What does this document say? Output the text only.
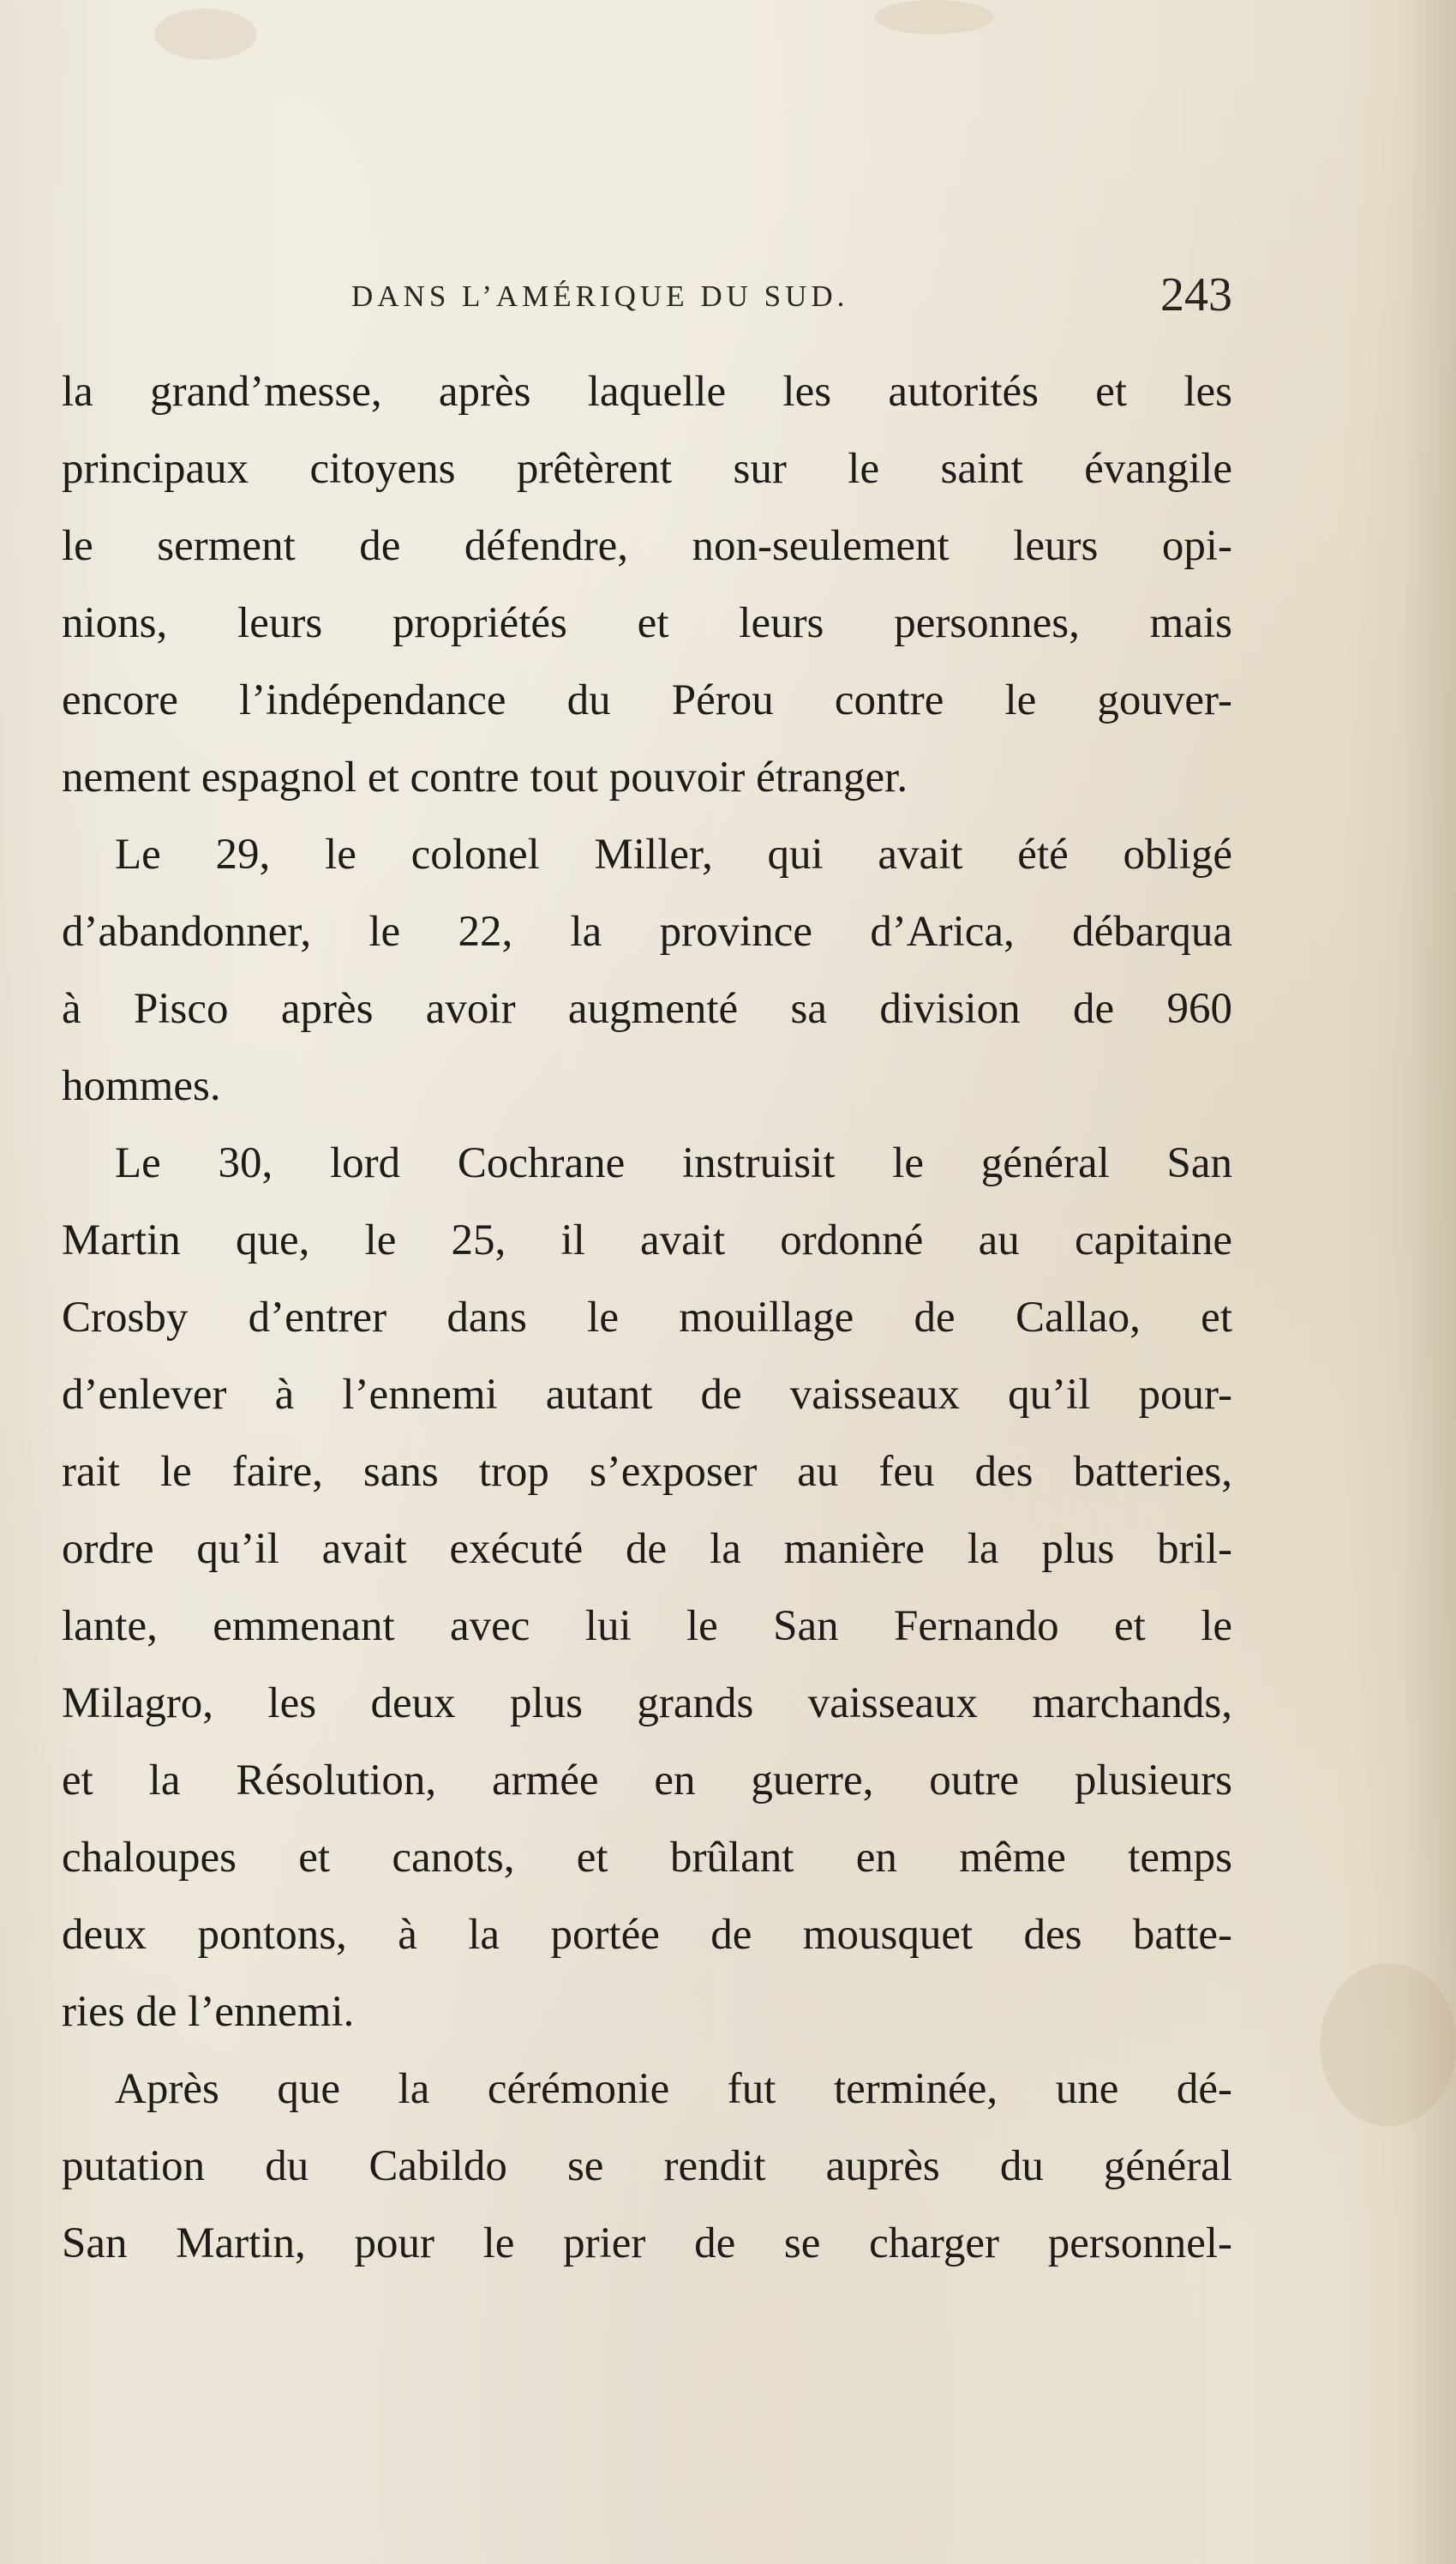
DANS L’AMÉRIQUE DU SUD.	243
la grand’messe, après laquelle les autorités et les
principaux citoyens prêtèrent sur le saint évangile
le serment de défendre, non-seulement leurs opi-
nions, leurs propriétés et leurs personnes, mais
encore l’indépendance du Pérou contre le gouver-
nement espagnol et contre tout pouvoir étranger.
Le 29, le colonel Miller, qui avait été obligé
d’abandonner, le 22, la province d’Arica, débarqua
à Pisco après avoir augmenté sa division de 960
hommes.
Le 30, lord Cochrane instruisit le général San
Martin que, le 25, il avait ordonné au capitaine
Crosby d’entrer dans le mouillage de Callao, et
d’enlever à l’ennemi autant de vaisseaux qu’il pour-
rait le faire, sans trop s’exposer au feu des batteries,
ordre qu’il avait exécuté de la manière la plus bril-
lante, emmenant avec lui le San Fernando et le
Milagro, les deux plus grands vaisseaux marchands,
et la Résolution, armée en guerre, outre plusieurs
chaloupes et canots, et brûlant en même temps
deux pontons, à la portée de mousquet des batte-
ries de l’ennemi.
Après que la cérémonie fut terminée, une dé-
putation du Cabildo se rendit auprès du général
San Martin, pour le prier de se charger personnel-
